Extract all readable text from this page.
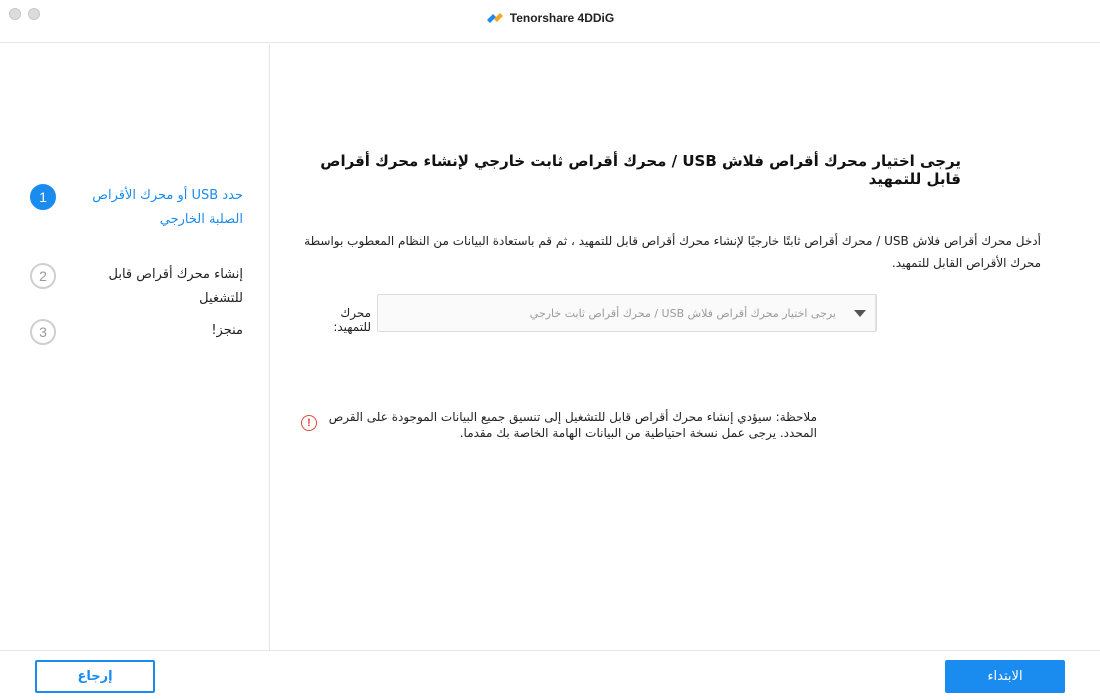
Tenorshare 4DDiG
1	حدد USB أو محرك الأقراص الصلبة الخارجي
2	إنشاء محرك أقراص قابل للتشغيل
3	منجز!
يرجى اختيار محرك أقراص فلاش USB / محرك أقراص ثابت خارجي لإنشاء محرك أقراص قابل للتمهيد
أدخل محرك أقراص فلاش USB / محرك أقراص ثابتًا خارجيًا لإنشاء محرك أقراص قابل للتمهيد ، ثم قم باستعادة البيانات من النظام المعطوب بواسطة محرك الأقراص القابل للتمهيد.
محرك للتمهيد:
يرجى اختيار محرك أقراص فلاش USB / محرك أقراص ثابت خارجي
!	ملاحظة: سيؤدي إنشاء محرك أقراص قابل للتشغيل إلى تنسيق جميع البيانات الموجودة على القرص المحدد. يرجى عمل نسخة احتياطية من البيانات الهامة الخاصة بك مقدما.
إرجاع	الابتداء
